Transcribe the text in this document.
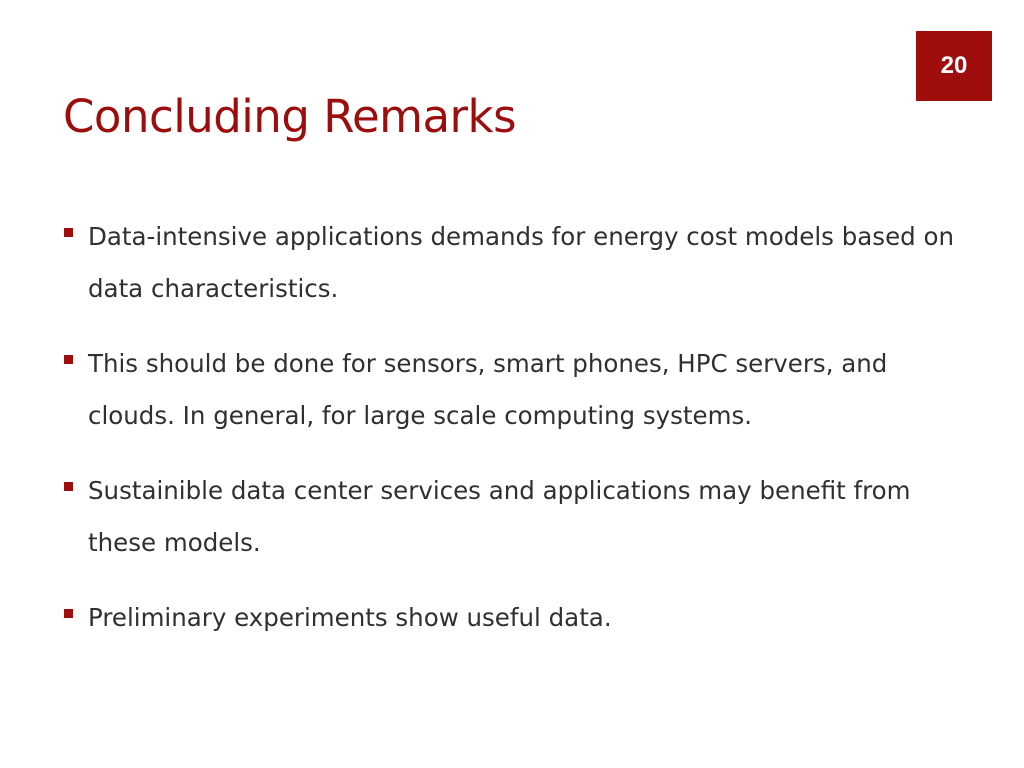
20
Concluding Remarks
Data-intensive applications demands for energy cost models based on data characteristics.
This should be done for sensors, smart phones, HPC servers, and clouds. In general, for large scale computing systems.
Sustainible data center services and applications may benefit from these models.
Preliminary experiments show useful data.
